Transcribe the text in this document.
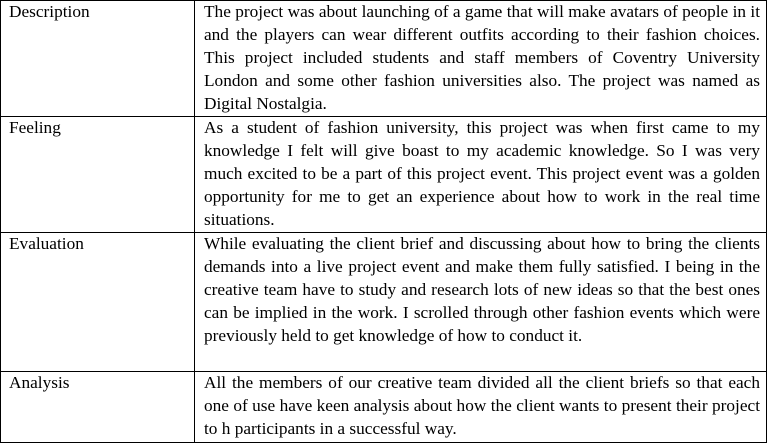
Description	The project was about launching of a game that will make avatars of people in it and the players can wear different outfits according to their fashion choices. This project included students and staff members of Coventry University London and some other fashion universities also. The project was named as Digital Nostalgia.

Feeling	As a student of fashion university, this project was when first came to my knowledge I felt will give boast to my academic knowledge. So I was very much excited to be a part of this project event. This project event was a golden opportunity for me to get an experience about how to work in the real time situations.

Evaluation	While evaluating the client brief and discussing about how to bring the clients demands into a live project event and make them fully satisfied. I being in the creative team have to study and research lots of new ideas so that the best ones can be implied in the work. I scrolled through other fashion events which were previously held to get knowledge of how to conduct it.

Analysis	All the members of our creative team divided all the client briefs so that each one of use have keen analysis about how the client wants to present their project to h participants in a successful way.
